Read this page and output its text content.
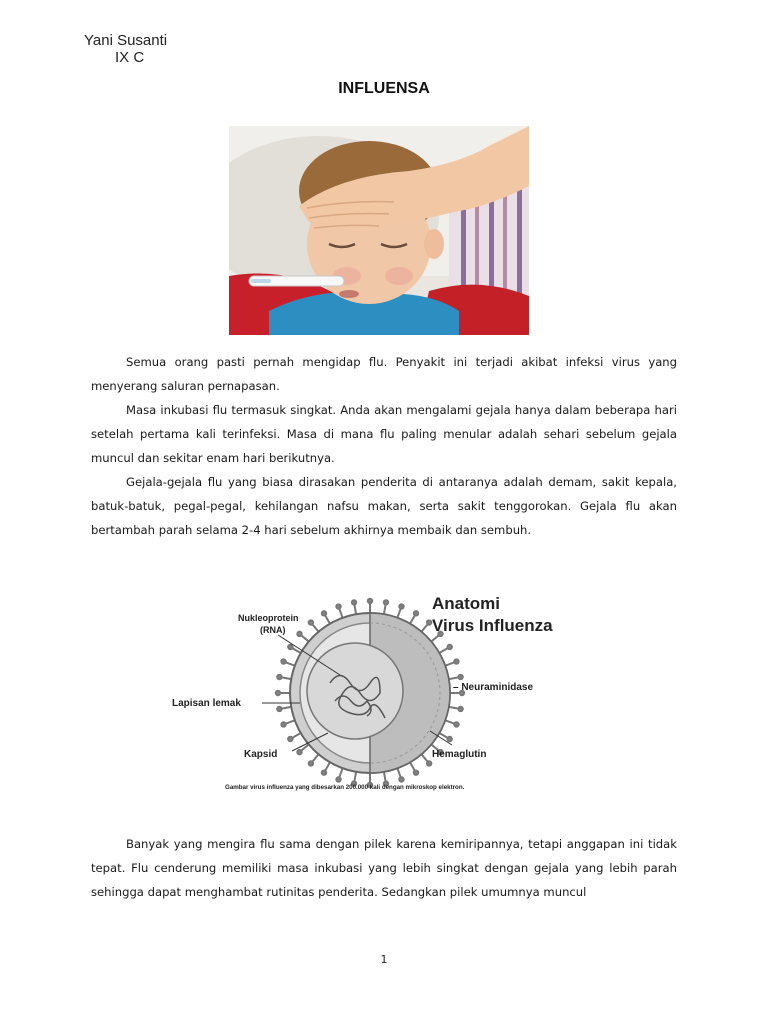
Yani Susanti
IX C
INFLUENSA

Semua orang pasti pernah mengidap flu. Penyakit ini terjadi akibat infeksi virus yang menyerang saluran pernapasan.

Masa inkubasi flu termasuk singkat. Anda akan mengalami gejala hanya dalam beberapa hari setelah pertama kali terinfeksi. Masa di mana flu paling menular adalah sehari sebelum gejala muncul dan sekitar enam hari berikutnya.

Gejala-gejala flu yang biasa dirasakan penderita di antaranya adalah demam, sakit kepala, batuk-batuk, pegal-pegal, kehilangan nafsu makan, serta sakit tenggorokan. Gejala flu akan bertambah parah selama 2-4 hari sebelum akhirnya membaik dan sembuh.

Anatomi
Virus Influenza
Nukleoprotein
(RNA)
Lapisan lemak
Kapsid
– Neuraminidase
Hemaglutin
Gambar virus influenza yang dibesarkan 200.000 kali dengan mikroskop elektron.

Banyak yang mengira flu sama dengan pilek karena kemiripannya, tetapi anggapan ini tidak tepat. Flu cenderung memiliki masa inkubasi yang lebih singkat dengan gejala yang lebih parah sehingga dapat menghambat rutinitas penderita. Sedangkan pilek umumnya muncul

1
